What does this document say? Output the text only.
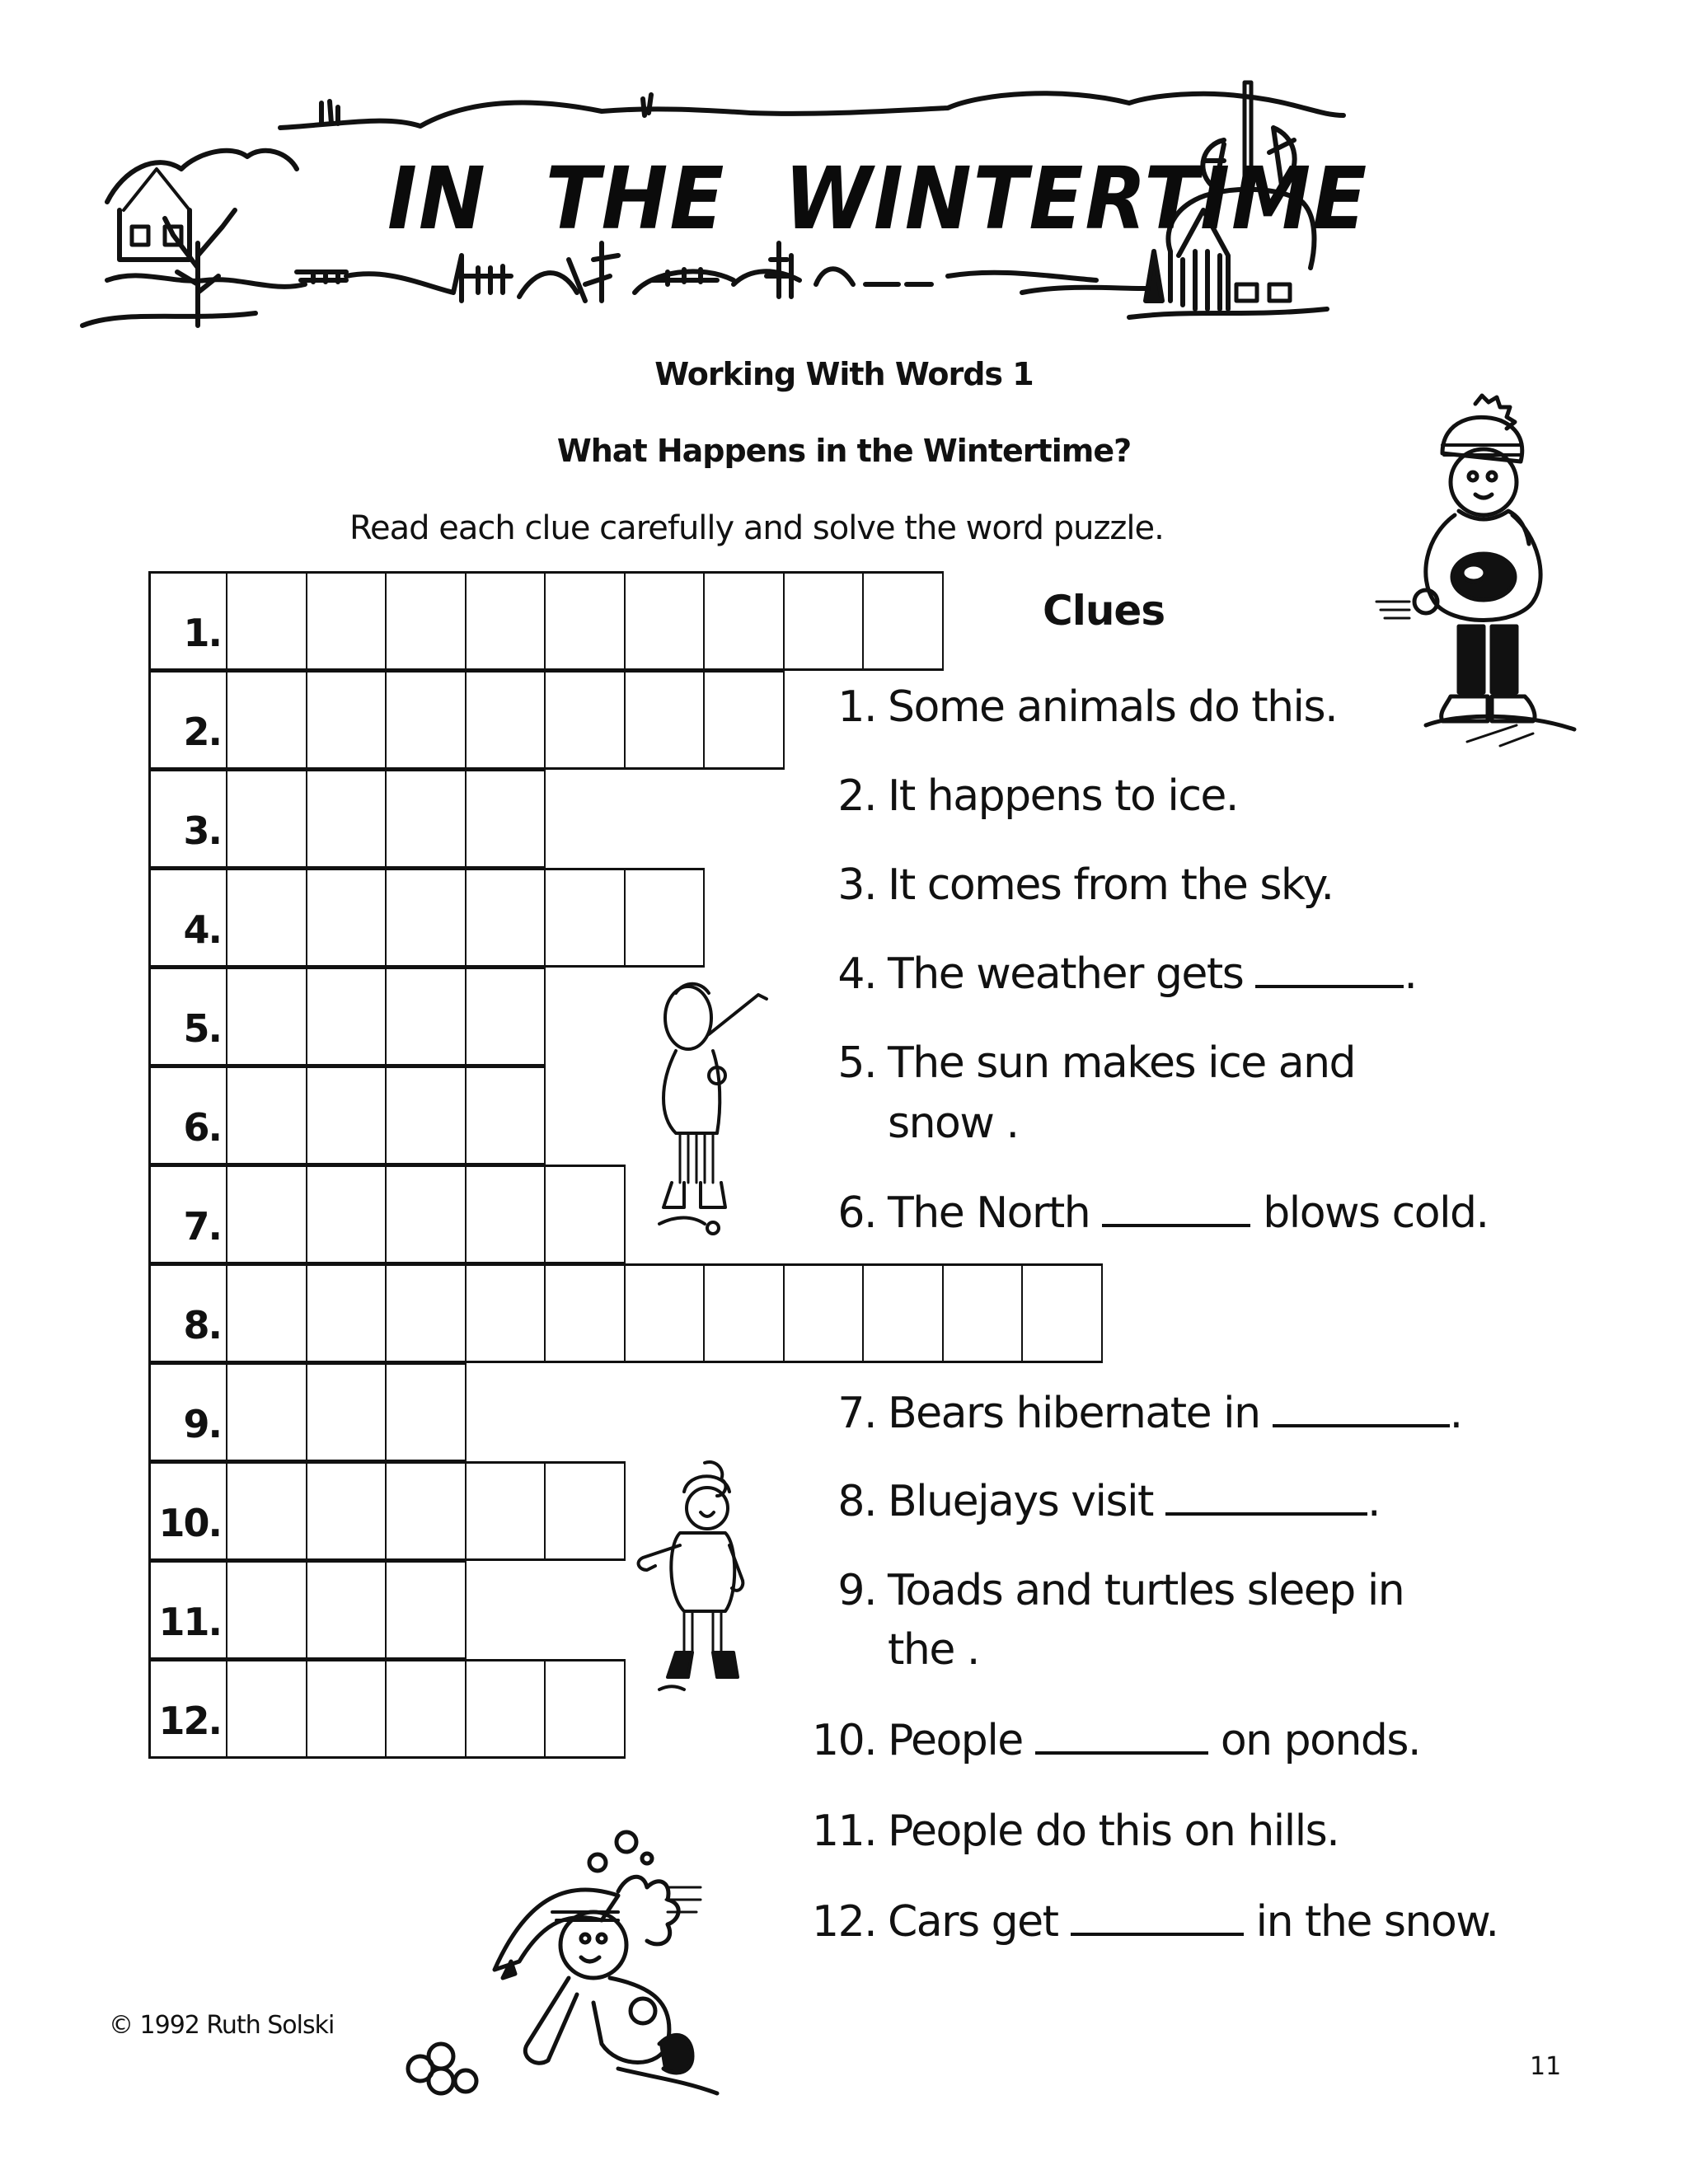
IN  THE  WINTERTIME
Working With Words 1
What Happens in the Wintertime?
Read each clue carefully and solve the word puzzle.
1.
2.
3.
4.
5.
6.
7.
8.
9.
10.
11.
12.
Clues
1. Some animals do this.
2. It happens to ice.
3. It comes from the sky.
4. The weather gets	.
5. The sun makes ice and
snow .
6. The North	blows cold.
7. Bears hibernate in	.
8. Bluejays visit	.
9. Toads and turtles sleep in
the .
10. People	on ponds.
11. People do this on hills.
12. Cars get	in the snow.
© 1992 Ruth Solski
11
